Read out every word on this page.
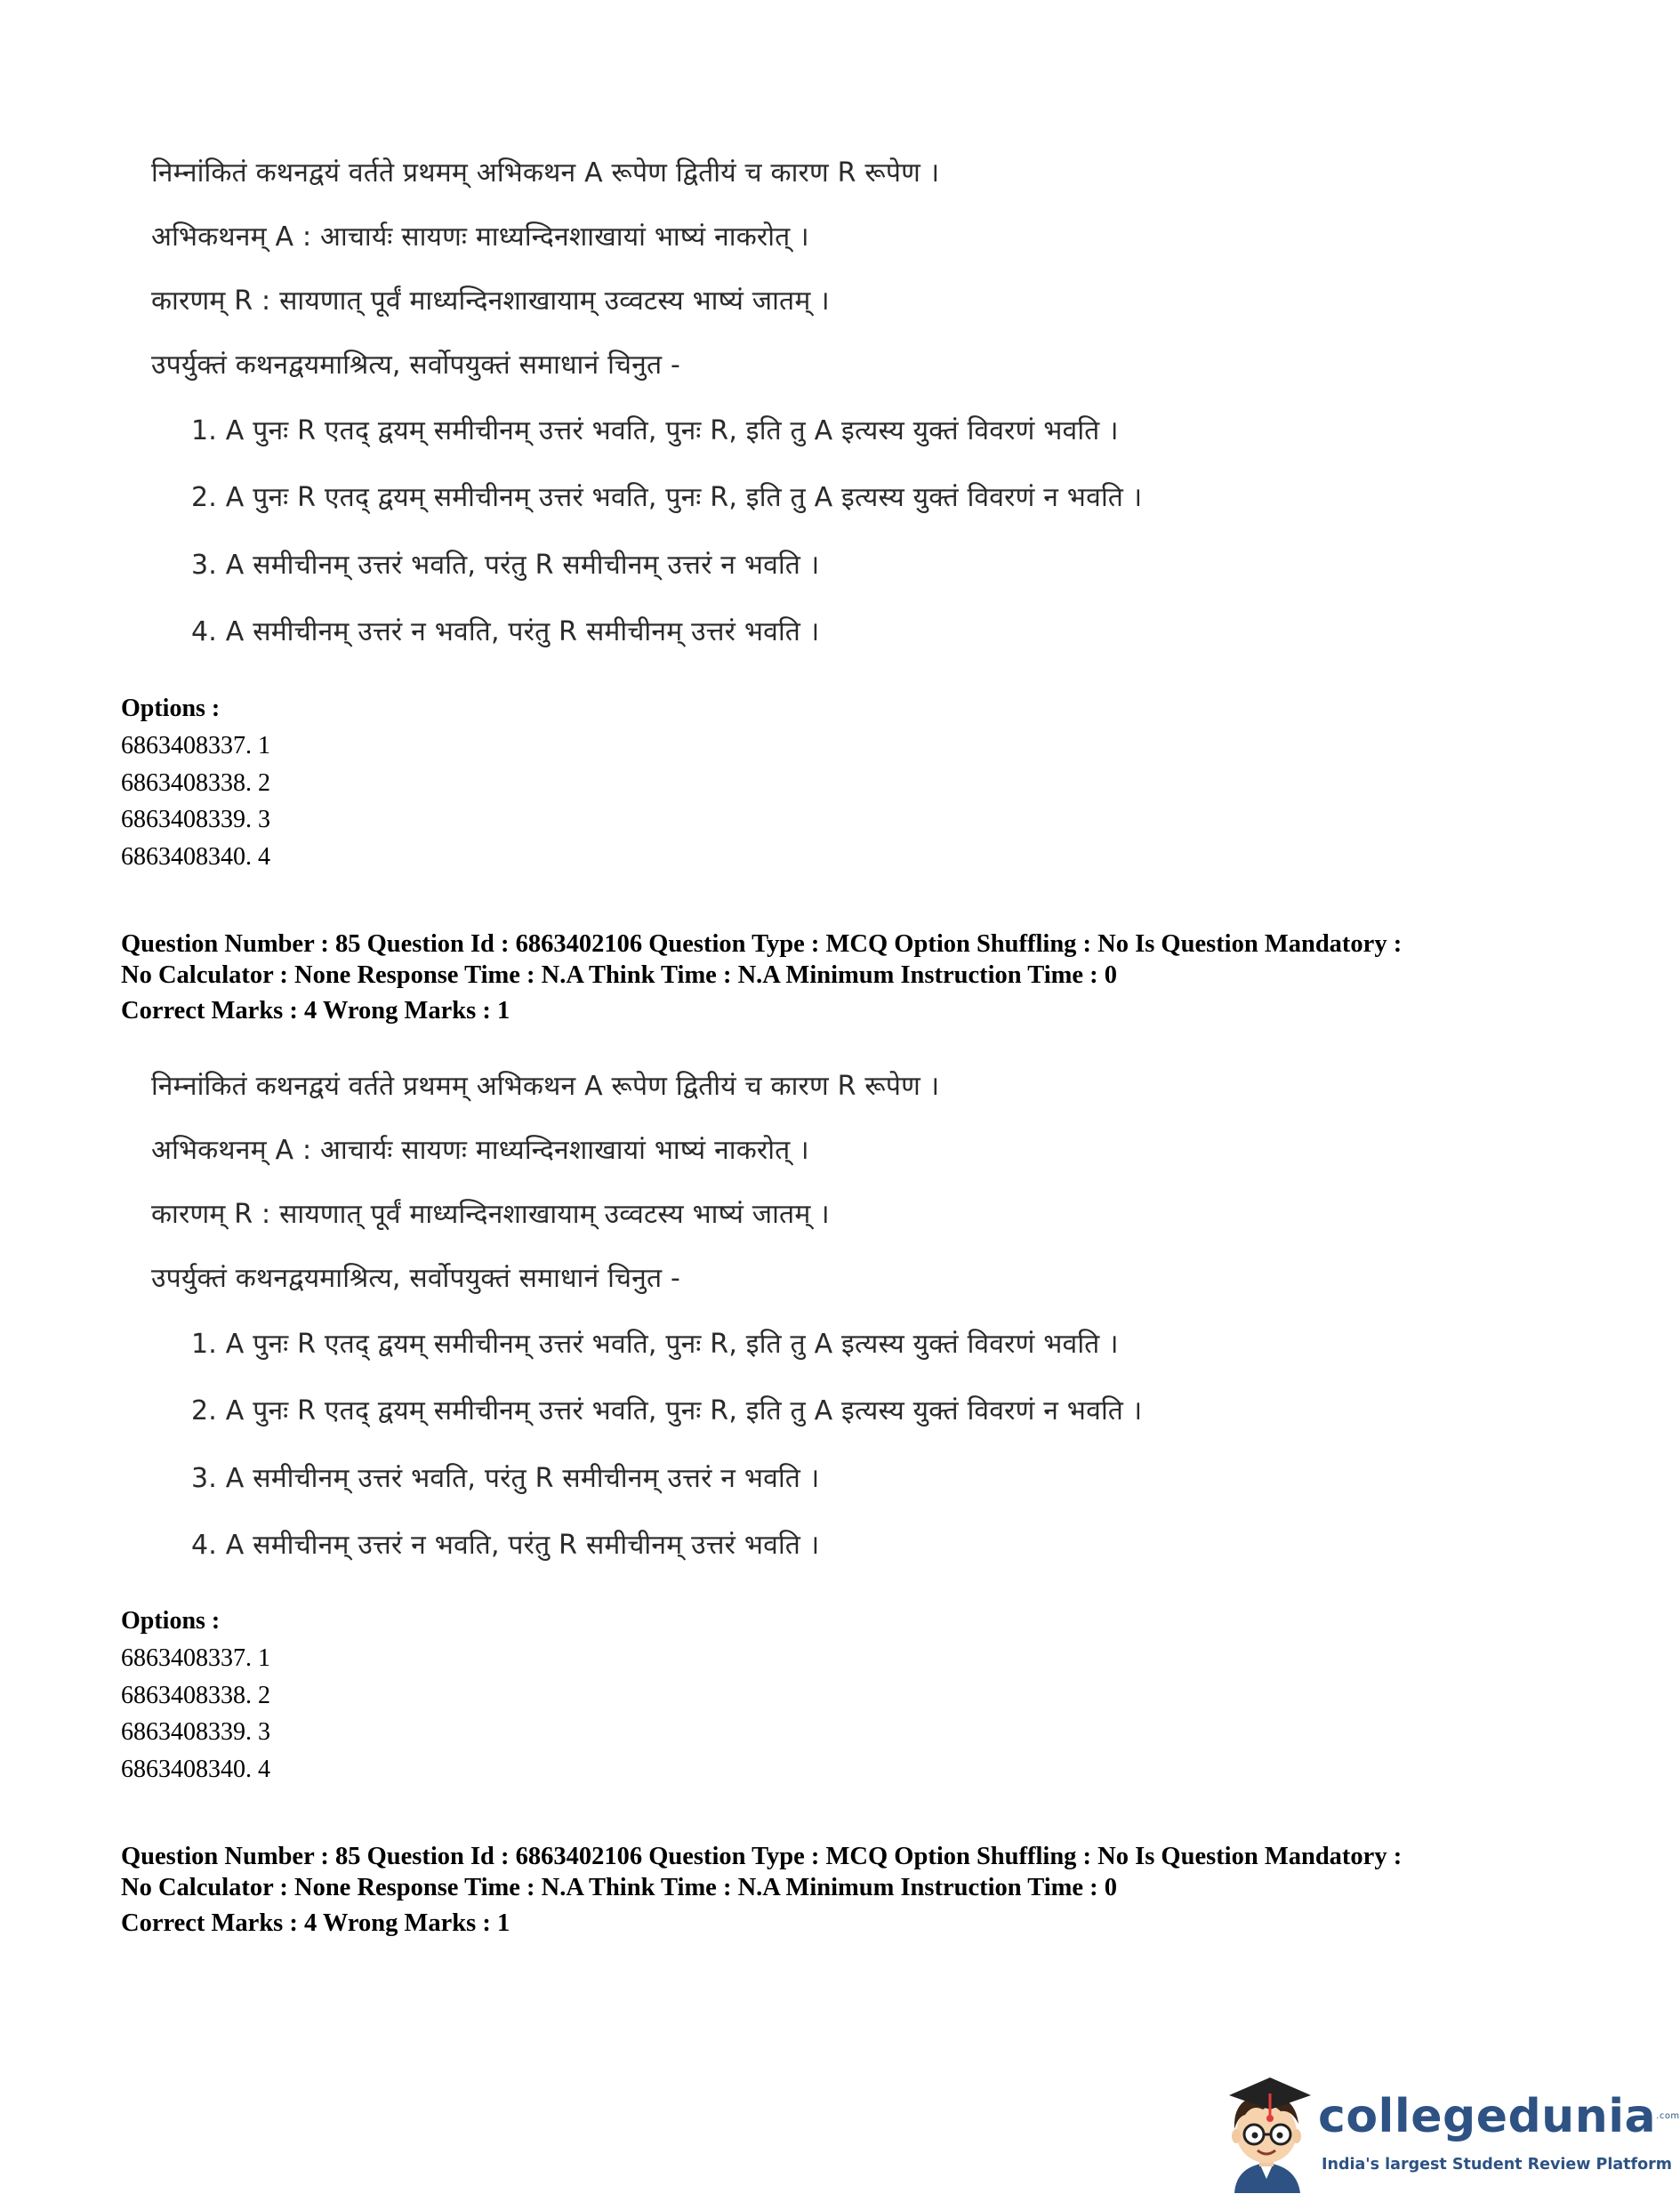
निम्नांकितं कथनद्वयं वर्तते प्रथमम् अभिकथन A रूपेण द्वितीयं च कारण R रूपेण ।
अभिकथनम् A : आचार्यः सायणः माध्यन्दिनशाखायां भाष्यं नाकरोत् ।
कारणम् R : सायणात् पूर्वं माध्यन्दिनशाखायाम् उव्वटस्य भाष्यं जातम् ।
उपर्युक्तं कथनद्वयमाश्रित्य, सर्वोपयुक्तं समाधानं चिनुत -
1. A पुनः R एतद् द्वयम् समीचीनम् उत्तरं भवति, पुनः R, इति तु A इत्यस्य युक्तं विवरणं भवति ।
2. A पुनः R एतद् द्वयम् समीचीनम् उत्तरं भवति, पुनः R, इति तु A इत्यस्य युक्तं विवरणं न भवति ।
3. A समीचीनम् उत्तरं भवति, परंतु R समीचीनम् उत्तरं न भवति ।
4. A समीचीनम् उत्तरं न भवति, परंतु R समीचीनम् उत्तरं भवति ।

Options :

6863408337. 1
6863408338. 2
6863408339. 3
6863408340. 4
Question Number : 85 Question Id : 6863402106 Question Type : MCQ Option Shuffling : No Is Question Mandatory :
No Calculator : None Response Time : N.A Think Time : N.A Minimum Instruction Time : 0
Correct Marks : 4 Wrong Marks : 1
निम्नांकितं कथनद्वयं वर्तते प्रथमम् अभिकथन A रूपेण द्वितीयं च कारण R रूपेण ।
अभिकथनम् A : आचार्यः सायणः माध्यन्दिनशाखायां भाष्यं नाकरोत् ।
कारणम् R : सायणात् पूर्वं माध्यन्दिनशाखायाम् उव्वटस्य भाष्यं जातम् ।
उपर्युक्तं कथनद्वयमाश्रित्य, सर्वोपयुक्तं समाधानं चिनुत -
1. A पुनः R एतद् द्वयम् समीचीनम् उत्तरं भवति, पुनः R, इति तु A इत्यस्य युक्तं विवरणं भवति ।
2. A पुनः R एतद् द्वयम् समीचीनम् उत्तरं भवति, पुनः R, इति तु A इत्यस्य युक्तं विवरणं न भवति ।
3. A समीचीनम् उत्तरं भवति, परंतु R समीचीनम् उत्तरं न भवति ।
4. A समीचीनम् उत्तरं न भवति, परंतु R समीचीनम् उत्तरं भवति ।

Options :

6863408337. 1
6863408338. 2
6863408339. 3
6863408340. 4
Question Number : 85 Question Id : 6863402106 Question Type : MCQ Option Shuffling : No Is Question Mandatory :
No Calculator : None Response Time : N.A Think Time : N.A Minimum Instruction Time : 0
Correct Marks : 4 Wrong Marks : 1
collegedunia$^{.com}$
India's largest Student Review Platform
